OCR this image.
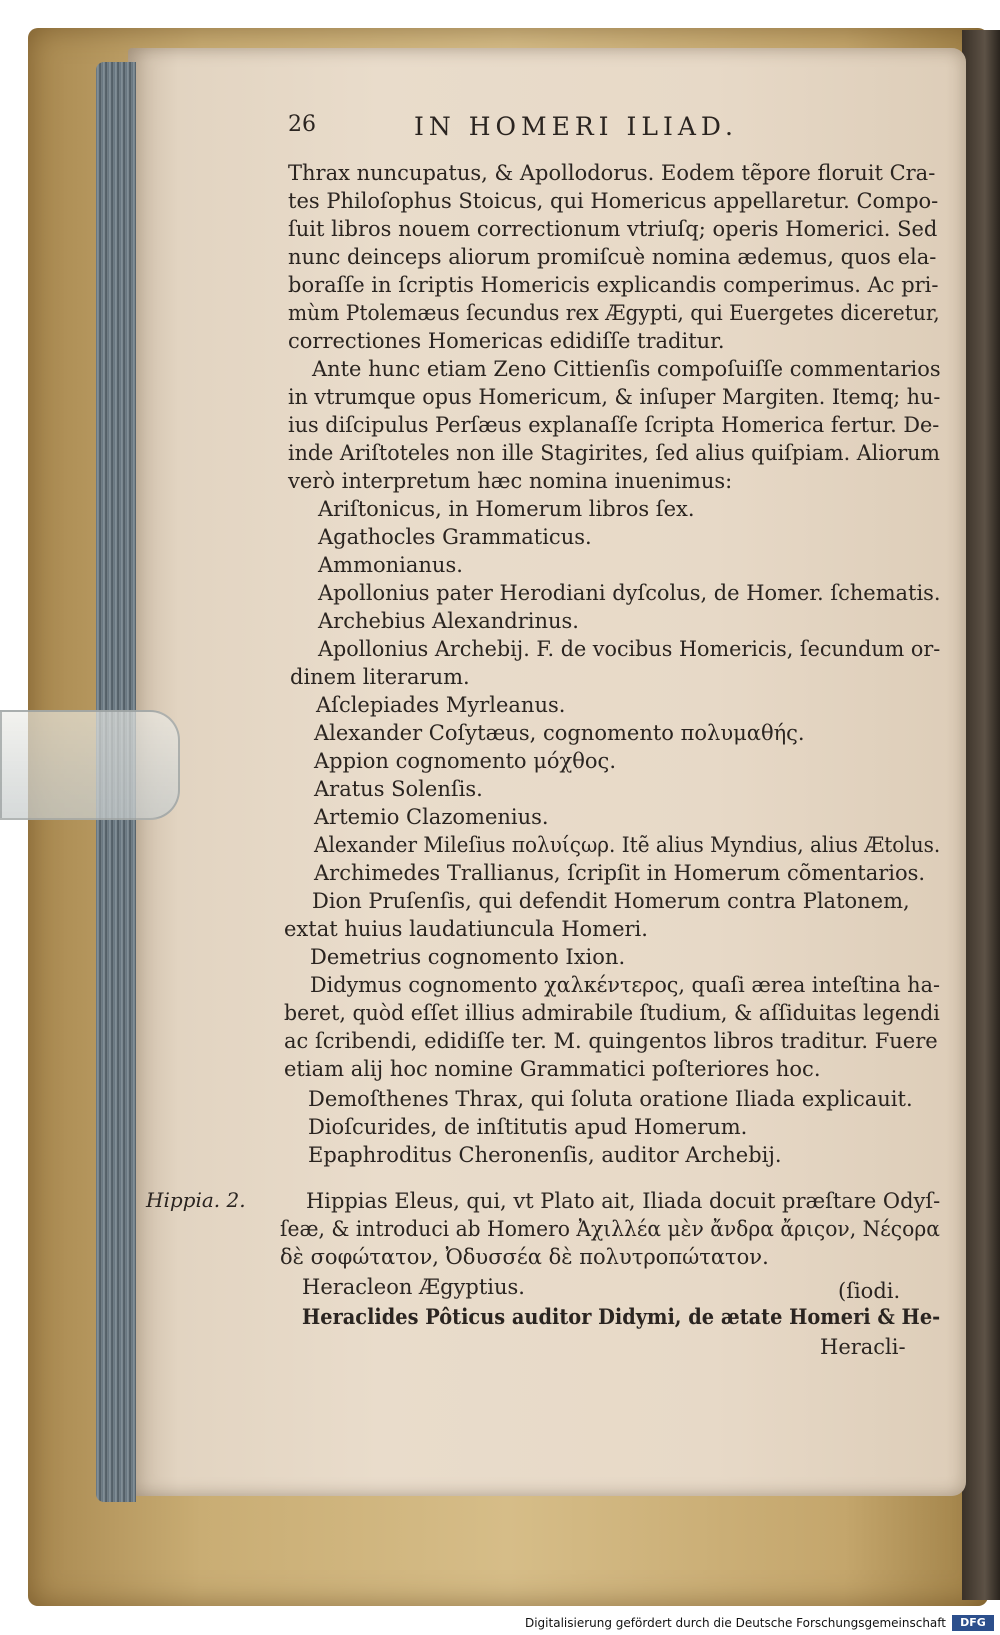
26	IN HOMERI ILIAD.
Hippia. 2.
Thrax nuncupatus, & Apollodorus. Eodem tẽpore floruit Cra-
tes Philoſophus Stoicus, qui Homericus appellaretur. Compo-
ſuit libros nouem correctionum vtriuſq; operis Homerici. Sed
nunc deinceps aliorum promiſcuè nomina ædemus, quos ela-
boraſſe in ſcriptis Homericis explicandis comperimus. Ac pri-
mùm Ptolemæus ſecundus rex Ægypti, qui Euergetes diceretur,
correctiones Homericas edidiſſe traditur.
Ante hunc etiam Zeno Cittienſis compoſuiſſe commentarios
in vtrumque opus Homericum, & inſuper Margiten. Itemq; hu-
ius diſcipulus Perſæus explanaſſe ſcripta Homerica fertur. De-
inde Ariſtoteles non ille Stagirites, ſed alius quiſpiam. Aliorum
verò interpretum hæc nomina inuenimus:
Ariſtonicus, in Homerum libros ſex.
Agathocles Grammaticus.
Ammonianus.
Apollonius pater Herodiani dyſcolus, de Homer. ſchematis.
Archebius Alexandrinus.
Apollonius Archebij. F. de vocibus Homericis, ſecundum or-
dinem literarum.
Aſclepiades Myrleanus.
Alexander Coſytæus, cognomento πολυμαθής.
Appion cognomento μόχθος.
Aratus Solenſis.
Artemio Clazomenius.
Alexander Mileſius πολυίςωρ. Itẽ alius Myndius, alius Ætolus.
Archimedes Trallianus, ſcripſit in Homerum cõmentarios.
Dion Pruſenſis, qui defendit Homerum contra Platonem,
extat huius laudatiuncula Homeri.
Demetrius cognomento Ixion.
Didymus cognomento χαλκέντερος, quaſi ærea inteſtina ha-
beret, quòd eſſet illius admirabile ſtudium, & aſſiduitas legendi
ac ſcribendi, edidiſſe ter. M. quingentos libros traditur. Fuere
etiam alij hoc nomine Grammatici poſteriores hoc.
Demoſthenes Thrax, qui ſoluta oratione Iliada explicauit.
Dioſcurides, de inſtitutis apud Homerum.
Epaphroditus Cheronenſis, auditor Archebij.
Hippias Eleus, qui, vt Plato ait, Iliada docuit præſtare Odyſ-
ſeæ, & introduci ab Homero Ἀχιλλέα μὲν ἄνδρα ἄριςον, Νέςορα
δὲ σοφώτατον, Ὀδυσσέα δὲ πολυτροπώτατον.
Heracleon Ægyptius.	(ſiodi.
Heraclides Pôticus auditor Didymi, de ætate Homeri & He-
Heracli-
Digitalisierung gefördert durch die Deutsche Forschungsgemeinschaft	DFG
